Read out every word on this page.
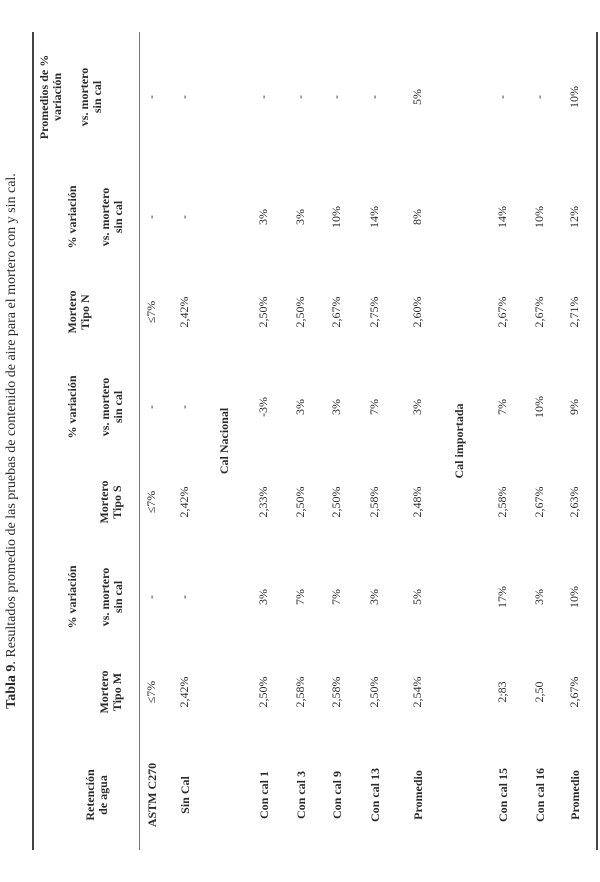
Tabla 9. Resultados promedio de las pruebas de contenido de aire para el mortero con y sin cal.
Retención de agua
Mortero Tipo M
% variación vs. mortero sin cal
Mortero Tipo S
% variación vs. mortero sin cal
Mortero Tipo N
% variación vs. mortero sin cal
Promedios de % variación vs. mortero sin cal
ASTM C270
≤7%
-
≤7%
-
≤7%
-
-
Sin Cal
2,42%
-
2,42%
-
2,42%
-
-
Con cal 1
2,50%
3%
2,33%
-3%
2,50%
3%
-
Con cal 3
2,58%
7%
2,50%
3%
2,50%
3%
-
Con cal 9
2,58%
7%
2,50%
3%
2,67%
10%
-
Con cal 13
2,50%
3%
2,58%
7%
2,75%
14%
-
Promedio
2,54%
5%
2,48%
3%
2,60%
8%
5%
Con cal 15
2;83
17%
2,58%
7%
2,67%
14%
-
Con cal 16
2,50
3%
2,67%
10%
2,67%
10%
-
Promedio
2,67%
10%
2,63%
9%
2,71%
12%
10%
Cal Nacional	Cal importada
